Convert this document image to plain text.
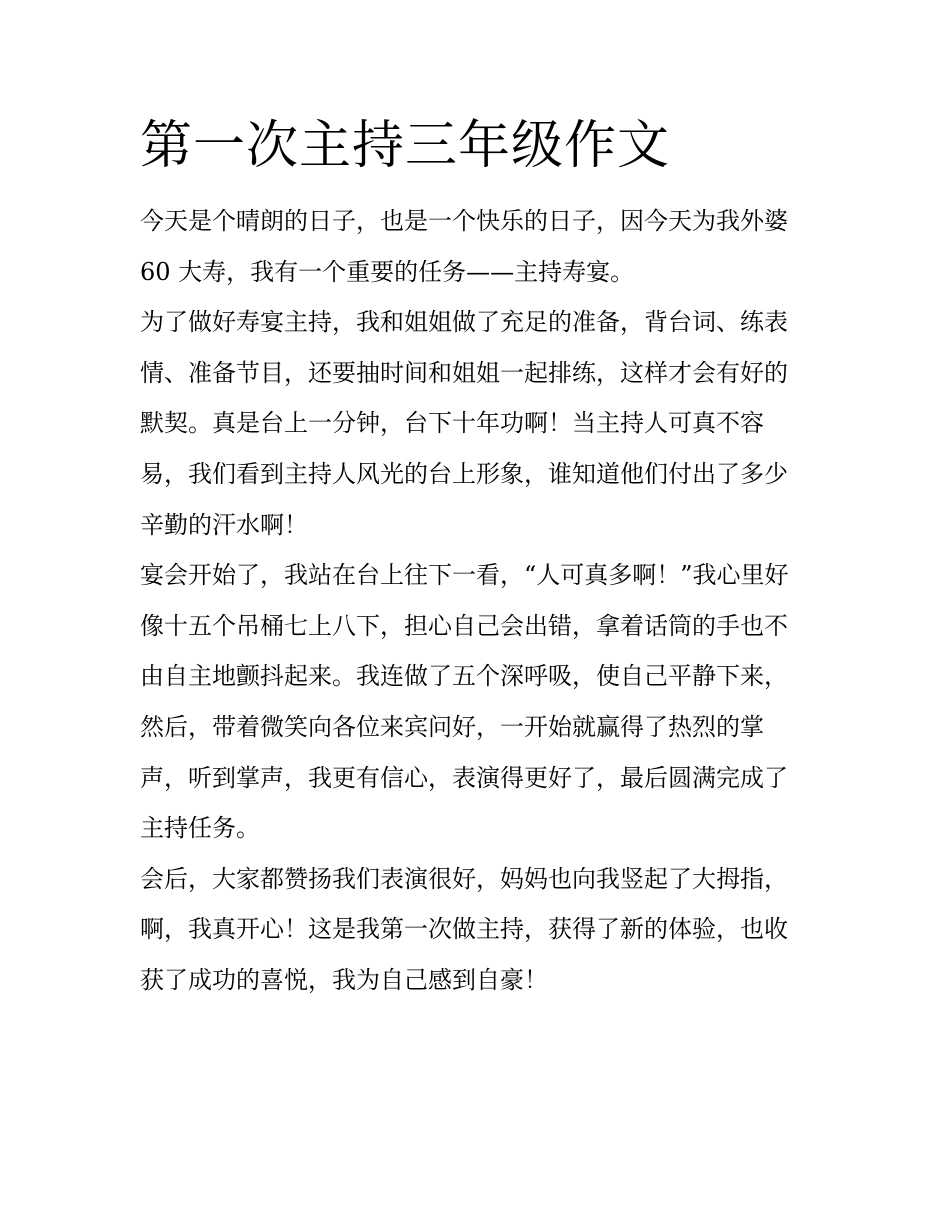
第一次主持三年级作文

今天是个晴朗的日子，也是一个快乐的日子，因今天为我外婆

60 大寿，我有一个重要的任务——主持寿宴。

为了做好寿宴主持，我和姐姐做了充足的准备，背台词、练表

情、准备节目，还要抽时间和姐姐一起排练，这样才会有好的

默契。真是台上一分钟，台下十年功啊！当主持人可真不容

易，我们看到主持人风光的台上形象，谁知道他们付出了多少

辛勤的汗水啊！

宴会开始了，我站在台上往下一看，“人可真多啊！”我心里好

像十五个吊桶七上八下，担心自己会出错，拿着话筒的手也不

由自主地颤抖起来。我连做了五个深呼吸，使自己平静下来，

然后，带着微笑向各位来宾问好，一开始就赢得了热烈的掌

声，听到掌声，我更有信心，表演得更好了，最后圆满完成了

主持任务。

会后，大家都赞扬我们表演很好，妈妈也向我竖起了大拇指，

啊，我真开心！这是我第一次做主持，获得了新的体验，也收

获了成功的喜悦，我为自己感到自豪！
